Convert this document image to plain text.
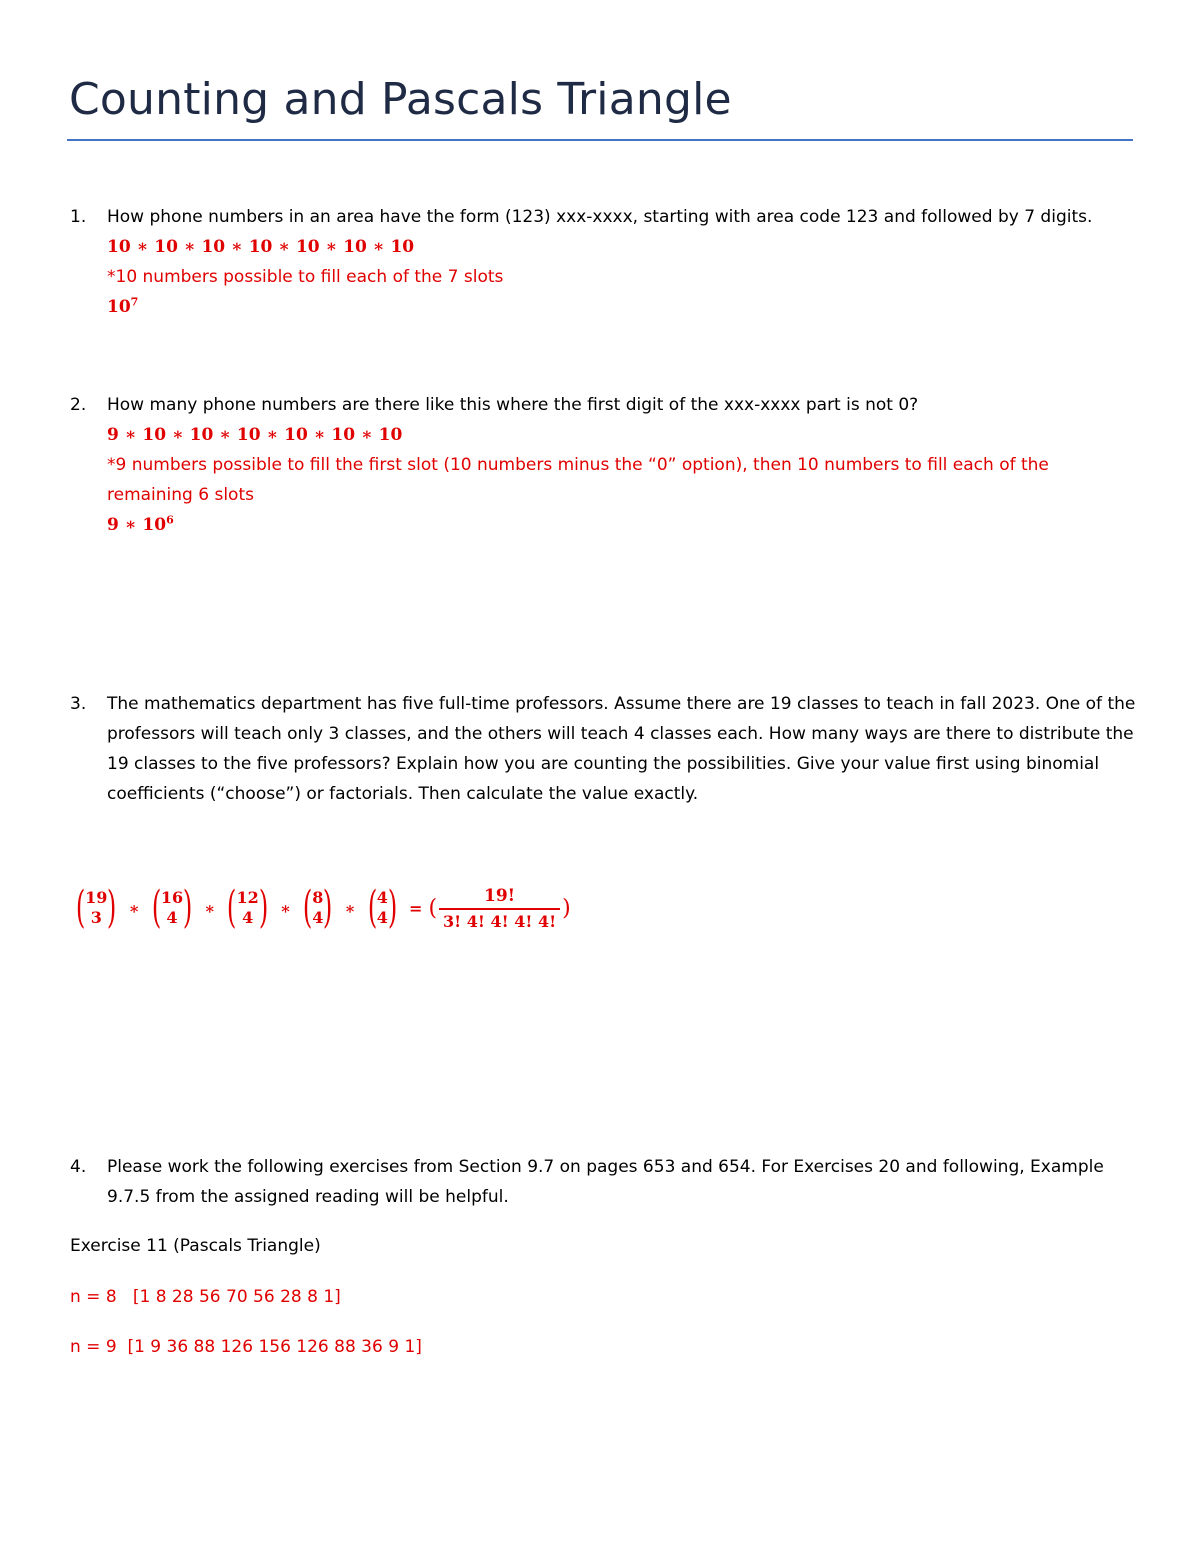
Counting and Pascals Triangle
1.	How phone numbers in an area have the form (123) xxx-xxxx, starting with area code 123 and followed by 7 digits.
10 ∗ 10 ∗ 10 ∗ 10 ∗ 10 ∗ 10 ∗ 10
*10 numbers possible to fill each of the 7 slots
$10^7$
2.	How many phone numbers are there like this where the first digit of the xxx-xxxx part is not 0?
9 ∗ 10 ∗ 10 ∗ 10 ∗ 10 ∗ 10 ∗ 10
*9 numbers possible to fill the first slot (10 numbers minus the “0” option), then 10 numbers to fill each of the remaining 6 slots
9 ∗ $10^6$
3.	The mathematics department has five full-time professors. Assume there are 19 classes to teach in fall 2023. One of the professors will teach only 3 classes, and the others will teach 4 classes each. How many ways are there to distribute the 19 classes to the five professors? Explain how you are counting the possibilities. Give your value first using binomial coefficients (“choose”) or factorials. Then calculate the value exactly.
( 19
3 ) ∗ ( 16
4 ) ∗ ( 12
4 ) ∗ ( 8
4 ) ∗ ( 4
4 ) = ( $\frac{19!}{3! 4! 4! 4! 4!}$ )
4.	Please work the following exercises from Section 9.7 on pages 653 and 654. For Exercises 20 and following, Example 9.7.5 from the assigned reading will be helpful.
Exercise 11 (Pascals Triangle)
n = 8   [1 8 28 56 70 56 28 8 1]
n = 9  [1 9 36 88 126 156 126 88 36 9 1]
